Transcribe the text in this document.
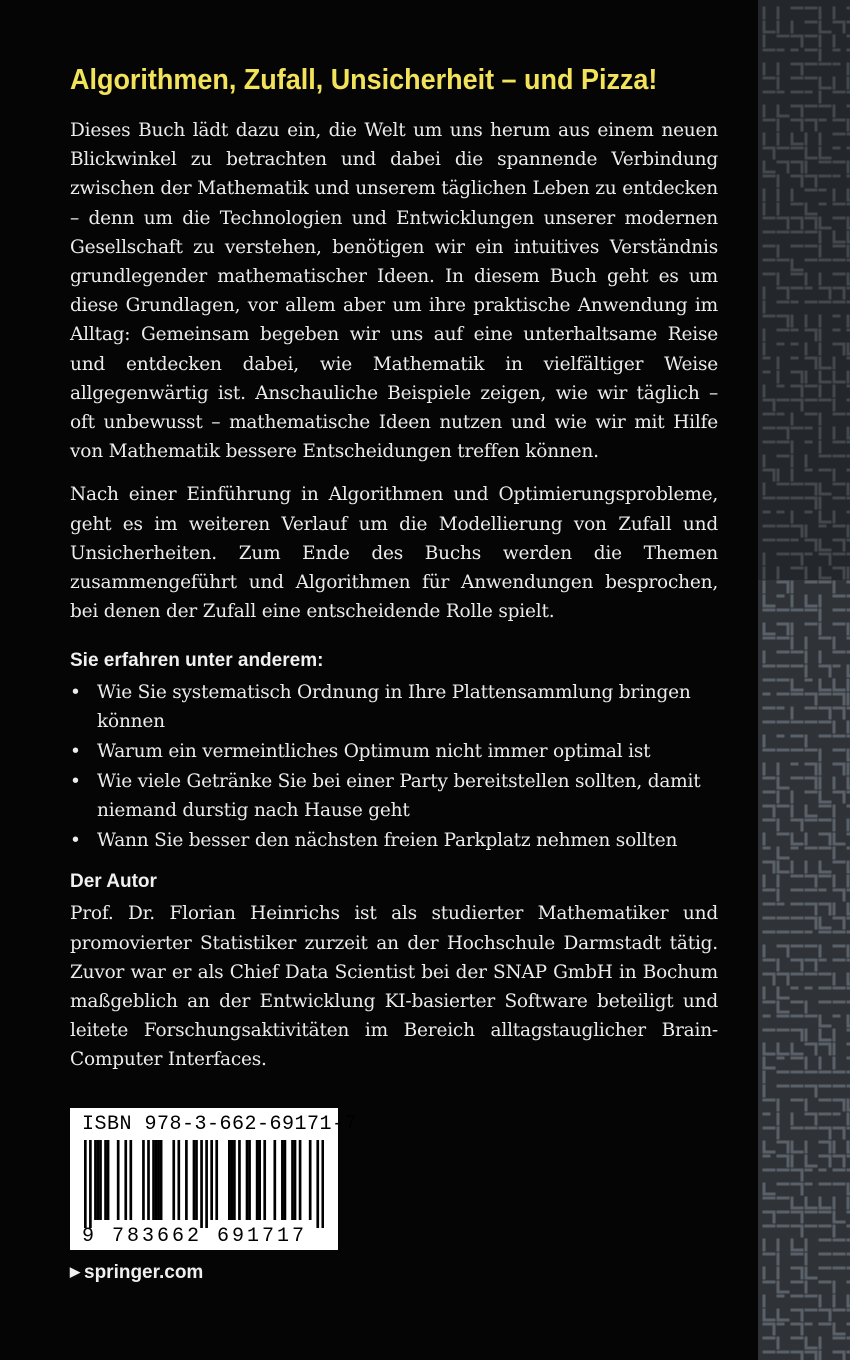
Algorithmen, Zufall, Unsicherheit – und Pizza!

Dieses Buch lädt dazu ein, die Welt um uns herum aus einem neuen Blickwinkel zu betrachten und dabei die spannende Verbindung zwischen der Mathematik und unserem täglichen Leben zu entdecken – denn um die Technologien und Entwicklungen unserer modernen Gesellschaft zu verstehen, benötigen wir ein intuitives Verständnis grundlegender mathematischer Ideen. In diesem Buch geht es um diese Grundlagen, vor allem aber um ihre praktische Anwendung im Alltag: Gemeinsam begeben wir uns auf eine unterhaltsame Reise und entdecken dabei, wie Mathematik in vielfältiger Weise allgegenwärtig ist. Anschauliche Beispiele zeigen, wie wir täglich – oft unbewusst – mathematische Ideen nutzen und wie wir mit Hilfe von Mathematik bessere Entscheidungen treffen können.

Nach einer Einführung in Algorithmen und Optimierungsprobleme, geht es im weiteren Verlauf um die Modellierung von Zufall und Unsicherheiten. Zum Ende des Buchs werden die Themen zusammengeführt und Algorithmen für Anwendungen besprochen, bei denen der Zufall eine entscheidende Rolle spielt.

Sie erfahren unter anderem:
• Wie Sie systematisch Ordnung in Ihre Plattensammlung bringen können
• Warum ein vermeintliches Optimum nicht immer optimal ist
• Wie viele Getränke Sie bei einer Party bereitstellen sollten, damit niemand durstig nach Hause geht
• Wann Sie besser den nächsten freien Parkplatz nehmen sollten
Der Autor

Prof. Dr. Florian Heinrichs ist als studierter Mathematiker und promovierter Statistiker zurzeit an der Hochschule Darmstadt tätig. Zuvor war er als Chief Data Scientist bei der SNAP GmbH in Bochum maßgeblich an der Entwicklung KI-basierter Software beteiligt und leitete Forschungsaktivitäten im Bereich alltagstauglicher Brain-Computer Interfaces.

ISBN 978-3-662-69171-7
9 783662 691717
▶ springer.com
